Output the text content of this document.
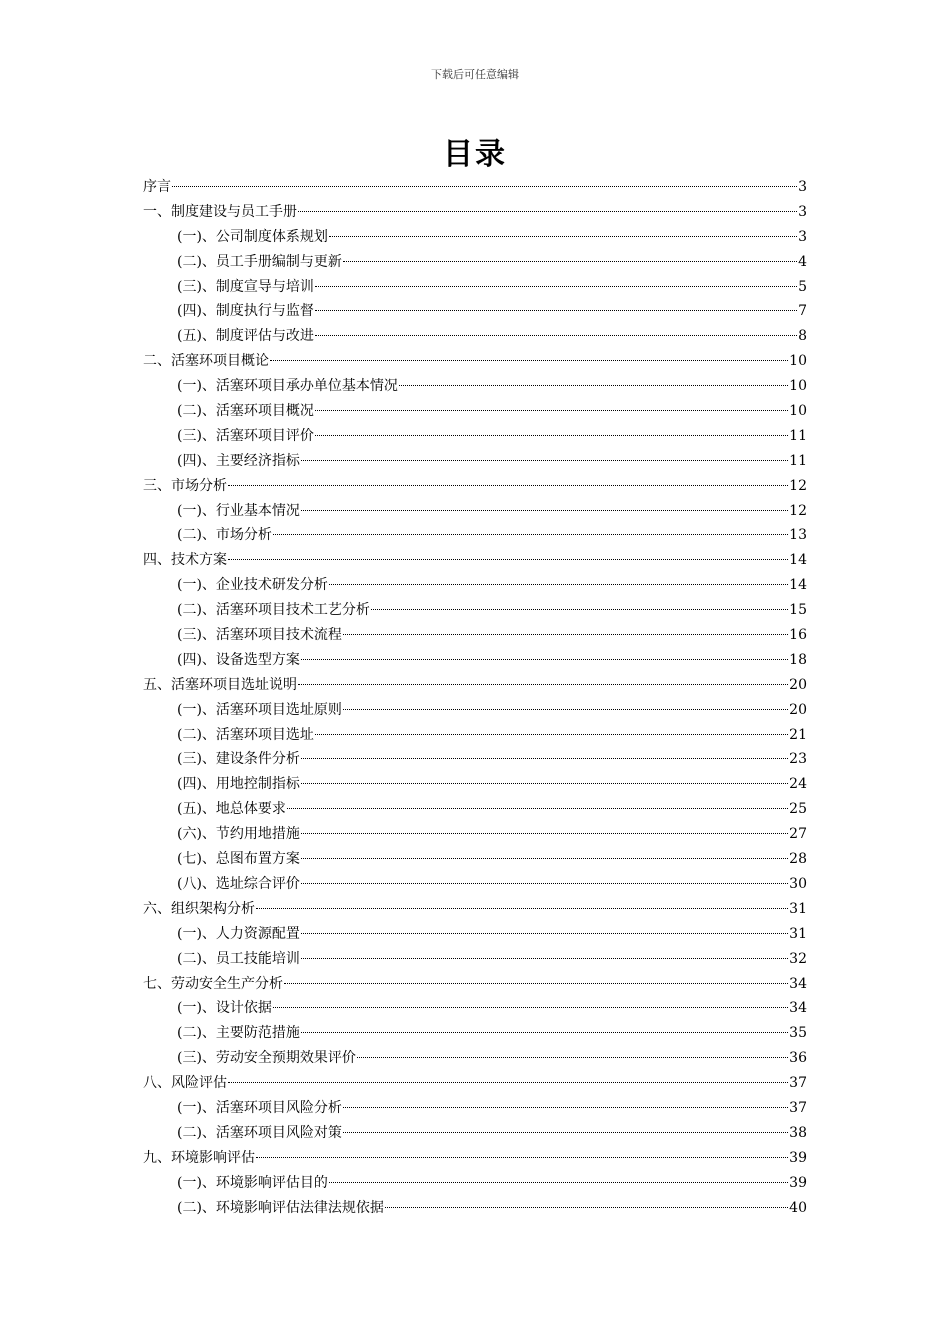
下载后可任意编辑
目录
序言	3
一、制度建设与员工手册	3
(一)、公司制度体系规划	3
(二)、员工手册编制与更新	4
(三)、制度宣导与培训	5
(四)、制度执行与监督	7
(五)、制度评估与改进	8
二、活塞环项目概论	10
(一)、活塞环项目承办单位基本情况	10
(二)、活塞环项目概况	10
(三)、活塞环项目评价	11
(四)、主要经济指标	11
三、市场分析	12
(一)、行业基本情况	12
(二)、市场分析	13
四、技术方案	14
(一)、企业技术研发分析	14
(二)、活塞环项目技术工艺分析	15
(三)、活塞环项目技术流程	16
(四)、设备选型方案	18
五、活塞环项目选址说明	20
(一)、活塞环项目选址原则	20
(二)、活塞环项目选址	21
(三)、建设条件分析	23
(四)、用地控制指标	24
(五)、地总体要求	25
(六)、节约用地措施	27
(七)、总图布置方案	28
(八)、选址综合评价	30
六、组织架构分析	31
(一)、人力资源配置	31
(二)、员工技能培训	32
七、劳动安全生产分析	34
(一)、设计依据	34
(二)、主要防范措施	35
(三)、劳动安全预期效果评价	36
八、风险评估	37
(一)、活塞环项目风险分析	37
(二)、活塞环项目风险对策	38
九、环境影响评估	39
(一)、环境影响评估目的	39
(二)、环境影响评估法律法规依据	40
